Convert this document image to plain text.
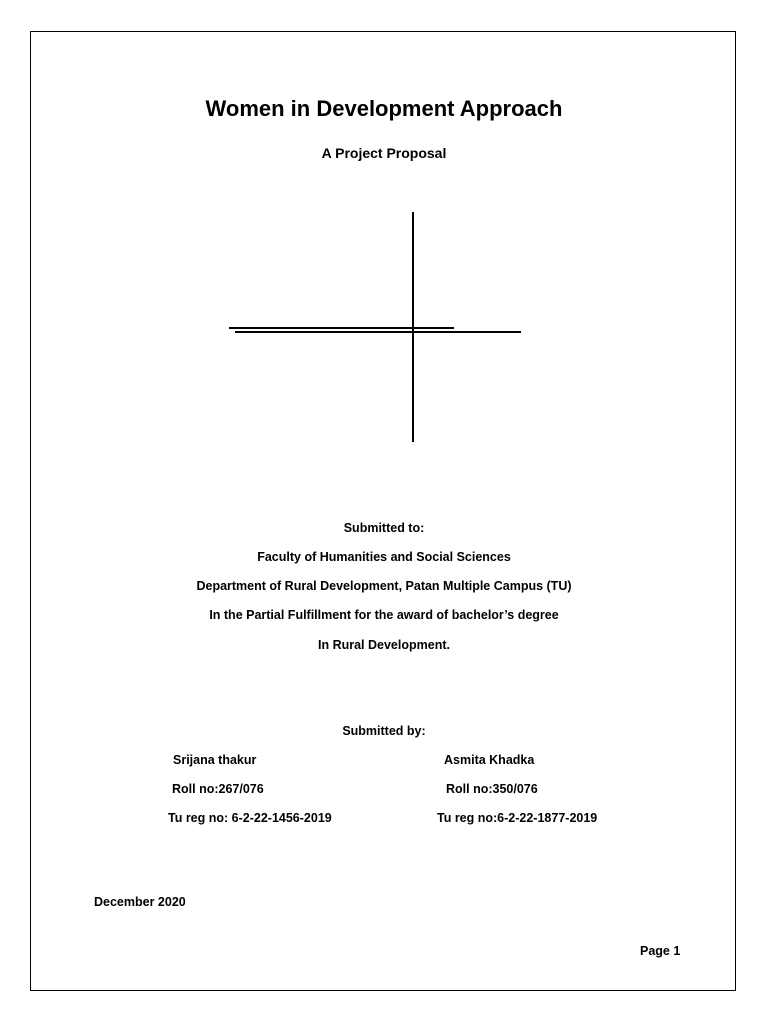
Women in Development Approach
A Project Proposal
Submitted to:
Faculty of Humanities and Social Sciences
Department of Rural Development, Patan Multiple Campus (TU)
In the Partial Fulfillment for the award of bachelor’s degree
In Rural Development.
Submitted by:
Srijana thakur
Roll no:267/076
Tu reg no: 6-2-22-1456-2019
Asmita Khadka
Roll no:350/076
Tu reg no:6-2-22-1877-2019
December 2020
Page 1
